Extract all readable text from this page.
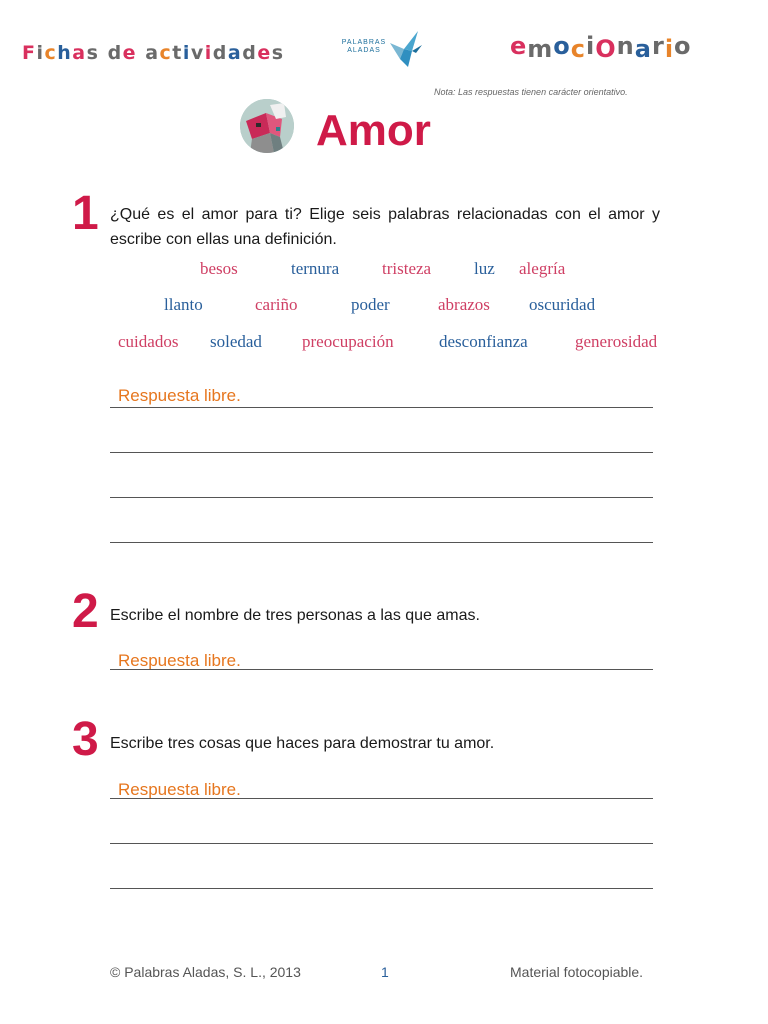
Fichas de actividades	PALABRAS
ALADAS	emociOnario
Nota: Las respuestas tienen carácter orientativo.
Amor
1 ¿Qué es el amor para ti? Elige seis palabras relacionadas con el amor y escribe con ellas una definición.
besos	ternura	tristeza	luz alegría
llanto	cariño	poder	abrazos oscuridad
cuidados soledad preocupación	desconfianza	generosidad
Respuesta libre.
2 Escribe el nombre de tres personas a las que amas.
Respuesta libre.
3 Escribe tres cosas que haces para demostrar tu amor.
Respuesta libre.
© Palabras Aladas, S. L., 2013	1	Material fotocopiable.
